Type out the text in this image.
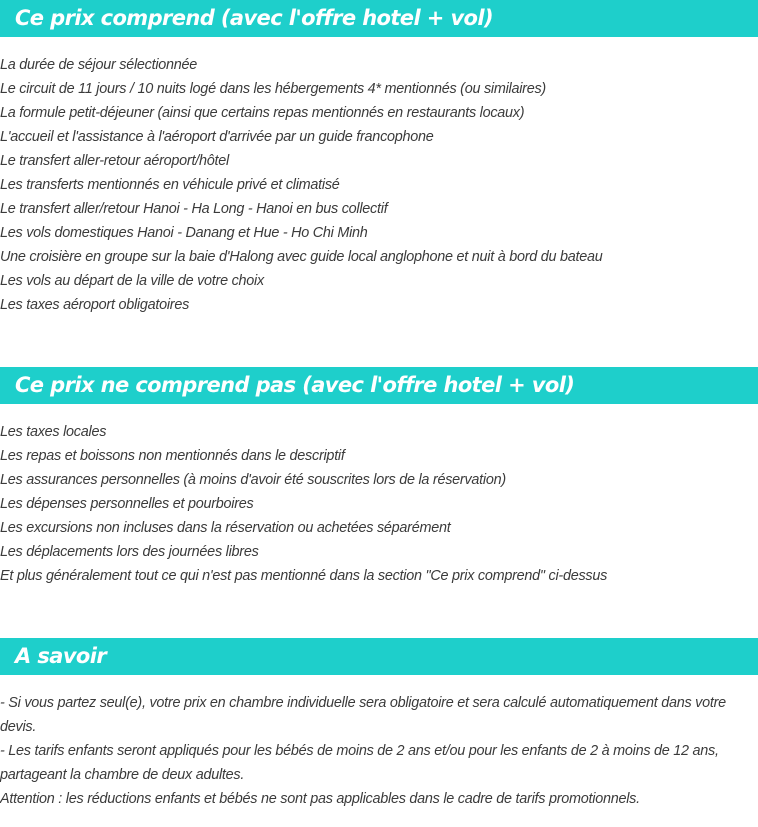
Ce prix comprend (avec l'offre hotel + vol)
La durée de séjour sélectionnée
Le circuit de 11 jours / 10 nuits logé dans les hébergements 4* mentionnés (ou similaires)
La formule petit-déjeuner (ainsi que certains repas mentionnés en restaurants locaux)
L'accueil et l'assistance à l'aéroport d'arrivée par un guide francophone
Le transfert aller-retour aéroport/hôtel
Les transferts mentionnés en véhicule privé et climatisé
Le transfert aller/retour Hanoi - Ha Long - Hanoi en bus collectif
Les vols domestiques Hanoi - Danang et Hue - Ho Chi Minh
Une croisière en groupe sur la baie d'Halong avec guide local anglophone et nuit à bord du bateau
Les vols au départ de la ville de votre choix
Les taxes aéroport obligatoires
Ce prix ne comprend pas (avec l'offre hotel + vol)
Les taxes locales
Les repas et boissons non mentionnés dans le descriptif
Les assurances personnelles (à moins d'avoir été souscrites lors de la réservation)
Les dépenses personnelles et pourboires
Les excursions non incluses dans la réservation ou achetées séparément
Les déplacements lors des journées libres
Et plus généralement tout ce qui n'est pas mentionné dans la section "Ce prix comprend" ci-dessus
A savoir

- Si vous partez seul(e), votre prix en chambre individuelle sera obligatoire et sera calculé automatiquement dans votre devis.

- Les tarifs enfants seront appliqués pour les bébés de moins de 2 ans et/ou pour les enfants de 2 à moins de 12 ans, partageant la chambre de deux adultes.

Attention : les réductions enfants et bébés ne sont pas applicables dans le cadre de tarifs promotionnels.
